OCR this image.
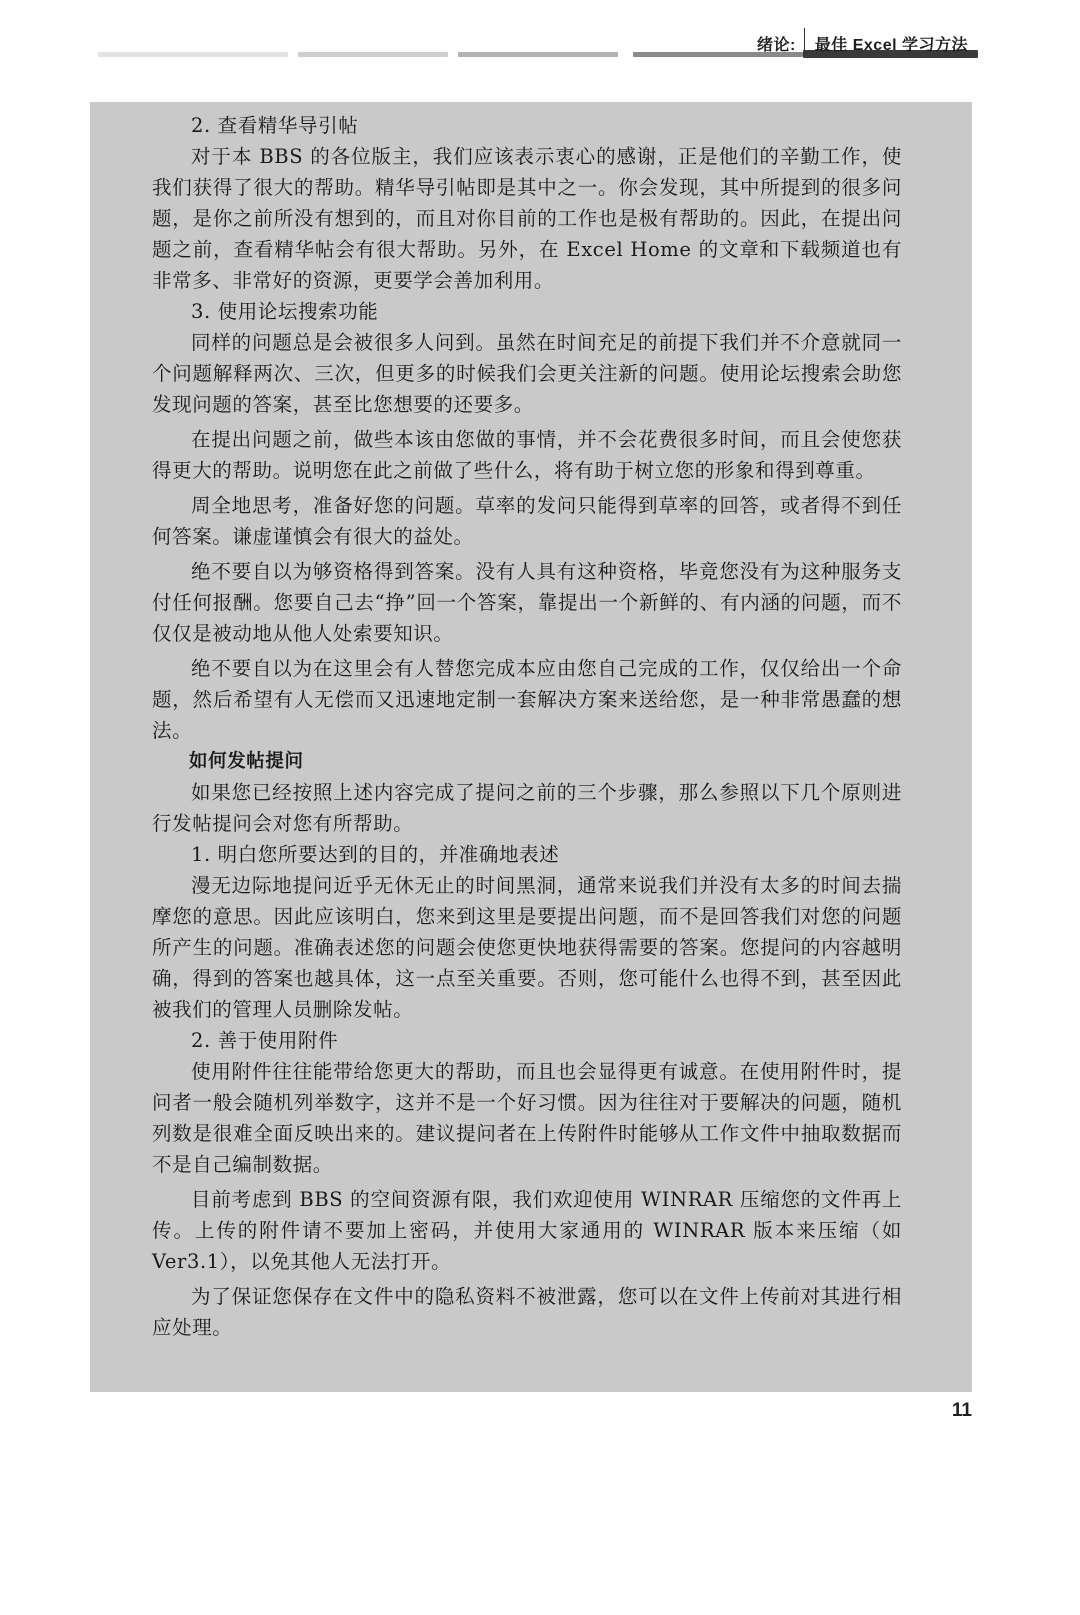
绪论: 最佳 Excel 学习方法

2. 查看精华导引帖

对于本 BBS 的各位版主，我们应该表示衷心的感谢，正是他们的辛勤工作，使我们获得了很大的帮助。精华导引帖即是其中之一。你会发现，其中所提到的很多问题，是你之前所没有想到的，而且对你目前的工作也是极有帮助的。因此，在提出问题之前，查看精华帖会有很大帮助。另外，在 Excel Home 的文章和下载频道也有非常多、非常好的资源，更要学会善加利用。

3. 使用论坛搜索功能

同样的问题总是会被很多人问到。虽然在时间充足的前提下我们并不介意就同一个问题解释两次、三次，但更多的时候我们会更关注新的问题。使用论坛搜索会助您发现问题的答案，甚至比您想要的还要多。

在提出问题之前，做些本该由您做的事情，并不会花费很多时间，而且会使您获得更大的帮助。说明您在此之前做了些什么，将有助于树立您的形象和得到尊重。

周全地思考，准备好您的问题。草率的发问只能得到草率的回答，或者得不到任何答案。谦虚谨慎会有很大的益处。

绝不要自以为够资格得到答案。没有人具有这种资格，毕竟您没有为这种服务支付任何报酬。您要自己去“挣”回一个答案，靠提出一个新鲜的、有内涵的问题，而不仅仅是被动地从他人处索要知识。

绝不要自以为在这里会有人替您完成本应由您自己完成的工作，仅仅给出一个命题，然后希望有人无偿而又迅速地定制一套解决方案来送给您，是一种非常愚蠢的想法。

如何发帖提问

如果您已经按照上述内容完成了提问之前的三个步骤，那么参照以下几个原则进行发帖提问会对您有所帮助。

1. 明白您所要达到的目的，并准确地表述

漫无边际地提问近乎无休无止的时间黑洞，通常来说我们并没有太多的时间去揣摩您的意思。因此应该明白，您来到这里是要提出问题，而不是回答我们对您的问题所产生的问题。准确表述您的问题会使您更快地获得需要的答案。您提问的内容越明确，得到的答案也越具体，这一点至关重要。否则，您可能什么也得不到，甚至因此被我们的管理人员删除发帖。

2. 善于使用附件

使用附件往往能带给您更大的帮助，而且也会显得更有诚意。在使用附件时，提问者一般会随机列举数字，这并不是一个好习惯。因为往往对于要解决的问题，随机列数是很难全面反映出来的。建议提问者在上传附件时能够从工作文件中抽取数据而不是自己编制数据。

目前考虑到 BBS 的空间资源有限，我们欢迎使用 WINRAR 压缩您的文件再上传。上传的附件请不要加上密码，并使用大家通用的 WINRAR 版本来压缩（如 Ver3.1），以免其他人无法打开。

为了保证您保存在文件中的隐私资料不被泄露，您可以在文件上传前对其进行相应处理。

11
